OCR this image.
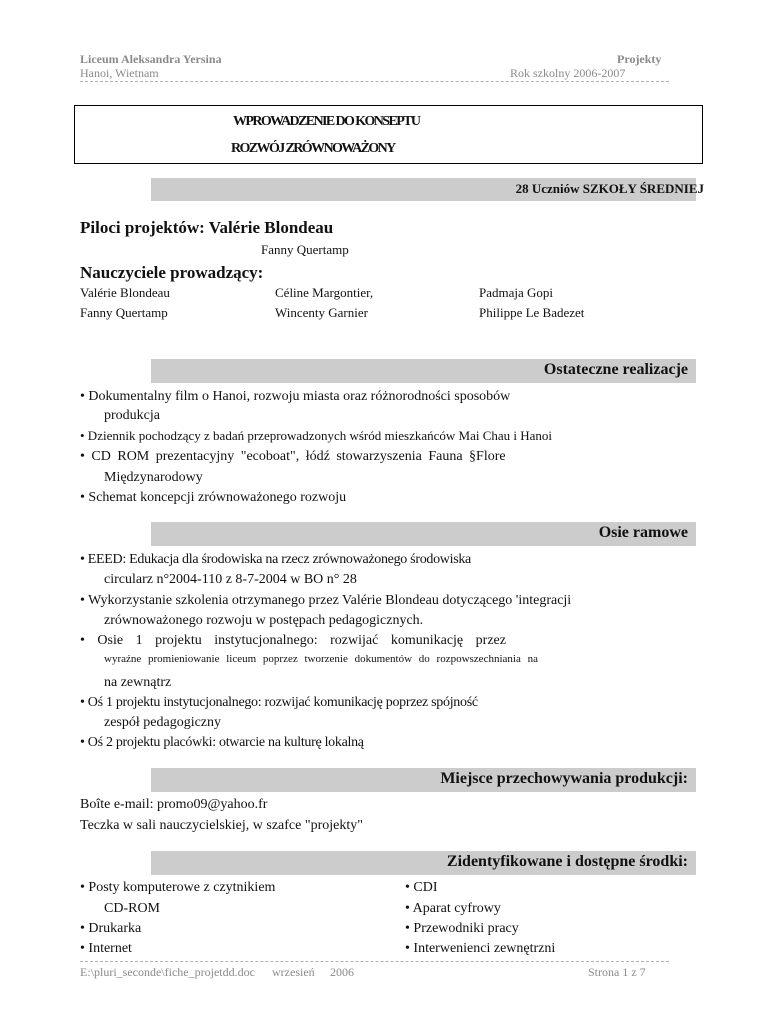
Liceum Aleksandra Yersina
Hanoi, Wietnam
Projekty
Rok szkolny 2006-2007
WPROWADZENIE DO KONSEPTU
ROZWÓJ ZRÓWNOWAŻONY
28 Uczniów SZKOŁY ŚREDNIEJ
Piloci projektów: Valérie Blondeau
Fanny Quertamp
Nauczyciele prowadzący:
Valérie Blondeau
Fanny Quertamp
Céline Margontier,
Wincenty Garnier
Padmaja Gopi
Philippe Le Badezet
Ostateczne realizacje
• Dokumentalny film o Hanoi, rozwoju miasta oraz różnorodności sposobów
produkcja
• Dziennik pochodzący z badań przeprowadzonych wśród mieszkańców Mai Chau i Hanoi
• CD ROM prezentacyjny "ecoboat", łódź stowarzyszenia Fauna §Flore
Międzynarodowy
• Schemat koncepcji zrównoważonego rozwoju
Osie ramowe
• EEED: Edukacja dla środowiska na rzecz zrównoważonego środowiska
circularz n°2004-110 z 8-7-2004 w BO n° 28
• Wykorzystanie szkolenia otrzymanego przez Valérie Blondeau dotyczącego 'integracji
zrównoważonego rozwoju w postępach pedagogicznych.
• Osie 1 projektu instytucjonalnego: rozwijać komunikację przez
wyraźne promieniowanie liceum poprzez tworzenie dokumentów do rozpowszechniania na
na zewnątrz
• Oś 1 projektu instytucjonalnego: rozwijać komunikację poprzez spójność
zespół pedagogiczny
• Oś 2 projektu placówki: otwarcie na kulturę lokalną
Miejsce przechowywania produkcji:
Boîte e-mail: promo09@yahoo.fr
Teczka w sali nauczycielskiej, w szafce "projekty"
Zidentyfikowane i dostępne środki:
• Posty komputerowe z czytnikiem
CD-ROM
• Drukarka
• Internet
• CDI
• Aparat cyfrowy
• Przewodniki pracy
• Interwenienci zewnętrzni
E:\pluri_seconde\fiche_projetdd.doc wrzesień 2006	Strona 1 z 7
